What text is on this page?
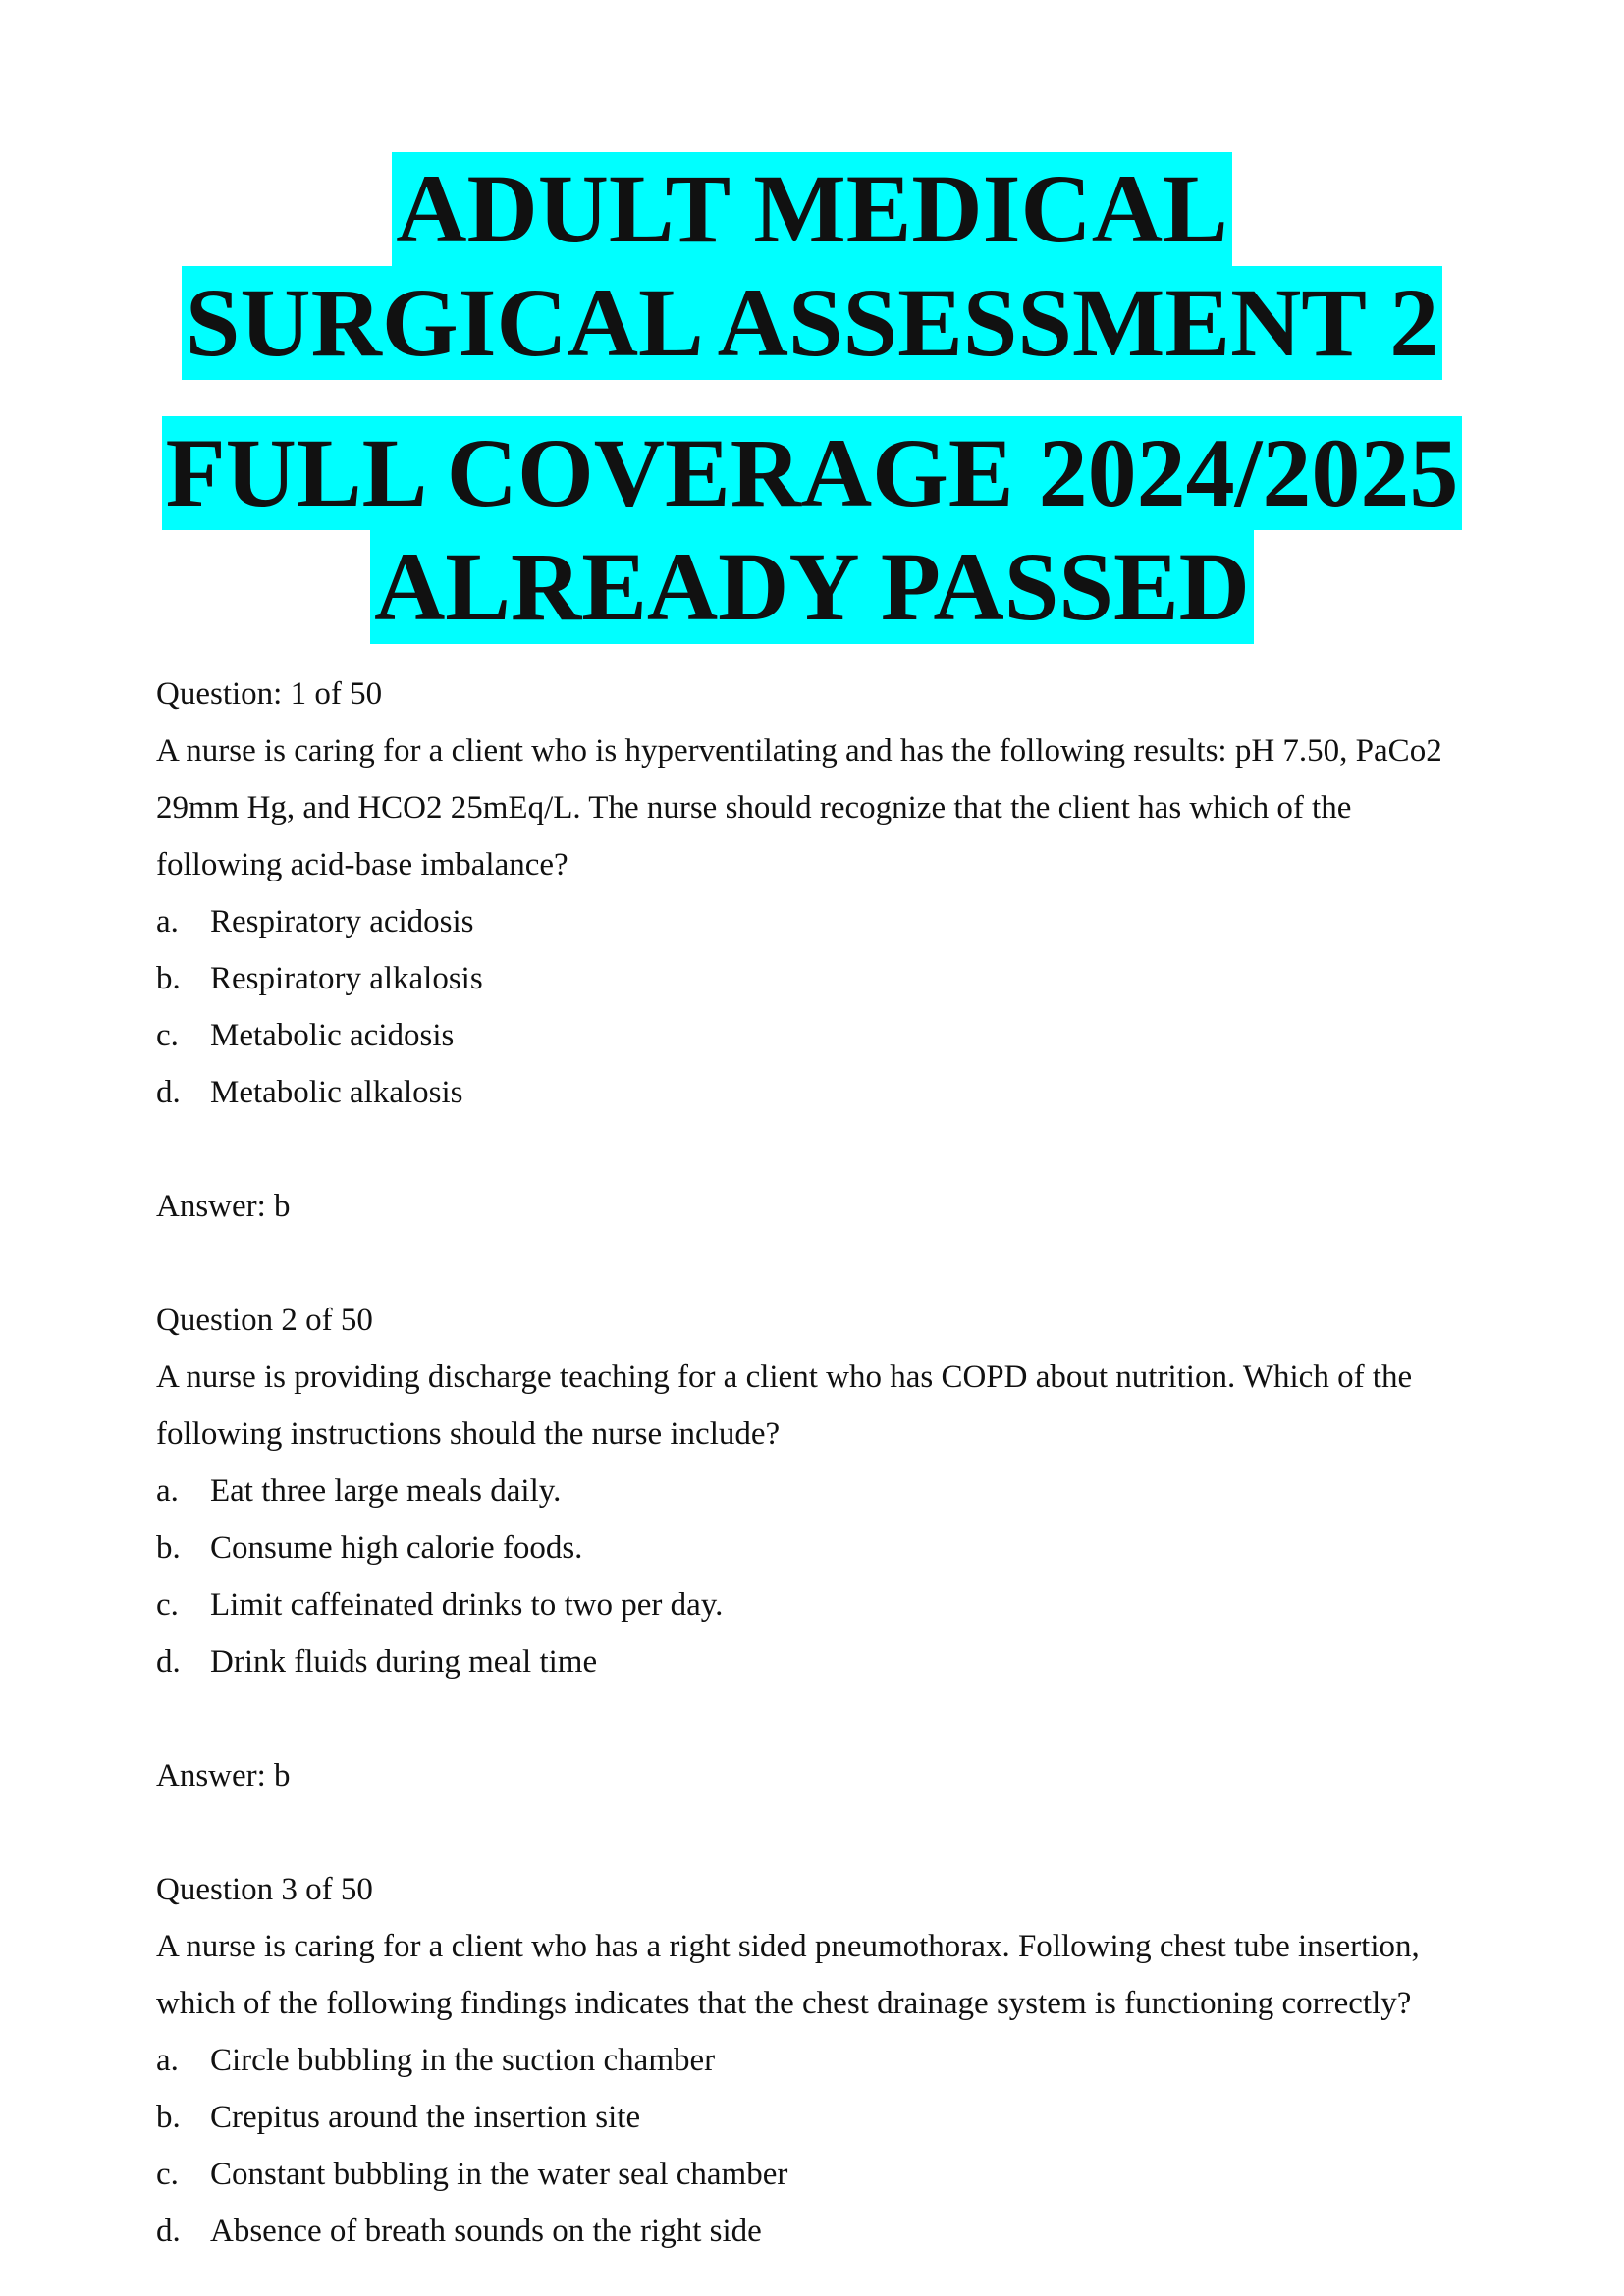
ADULT MEDICAL
SURGICAL ASSESSMENT 2
FULL COVERAGE 2024/2025
ALREADY PASSED
Question: 1 of 50
A nurse is caring for a client who is hyperventilating and has the following results: pH 7.50, PaCo2
29mm Hg, and HCO2 25mEq/L. The nurse should recognize that the client has which of the
following acid-base imbalance?
a. Respiratory acidosis
b. Respiratory alkalosis
c. Metabolic acidosis
d. Metabolic alkalosis
Answer: b
Question 2 of 50
A nurse is providing discharge teaching for a client who has COPD about nutrition. Which of the
following instructions should the nurse include?
a. Eat three large meals daily.
b. Consume high calorie foods.
c. Limit caffeinated drinks to two per day.
d. Drink fluids during meal time
Answer: b
Question 3 of 50
A nurse is caring for a client who has a right sided pneumothorax. Following chest tube insertion,
which of the following findings indicates that the chest drainage system is functioning correctly?
a. Circle bubbling in the suction chamber
b. Crepitus around the insertion site
c. Constant bubbling in the water seal chamber
d. Absence of breath sounds on the right side
